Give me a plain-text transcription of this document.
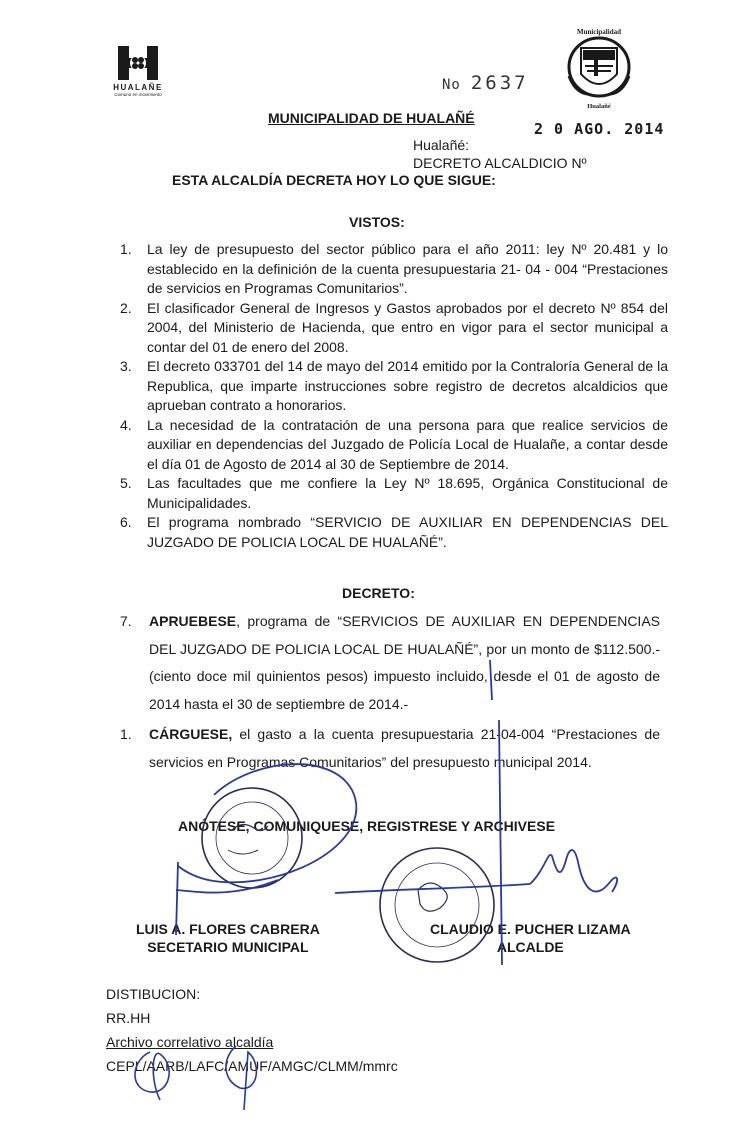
HUALAÑE
Comuna en movimiento
No 2637
Municipalidad
Hualañé
MUNICIPALIDAD DE HUALAÑÉ
2 0 AGO. 2014
Hualañé:
DECRETO ALCALDICIO Nº
ESTA ALCALDÍA DECRETA HOY LO QUE SIGUE:
VISTOS:
1. La ley de presupuesto del sector público para el año 2011: ley Nº 20.481 y lo establecido en la definición de la cuenta presupuestaria 21- 04 - 004 “Prestaciones de servicios en Programas Comunitarios”.
2. El clasificador General de Ingresos y Gastos aprobados por el decreto Nº 854 del 2004, del Ministerio de Hacienda, que entro en vigor para el sector municipal a contar del 01 de enero del 2008.
3. El decreto 033701 del 14 de mayo del 2014 emitido por la Contraloría General de la Republica, que imparte instrucciones sobre registro de decretos alcaldicios que aprueban contrato a honorarios.
4. La necesidad de la contratación de una persona para que realice servicios de auxiliar en dependencias del Juzgado de Policía Local de Hualañe, a contar desde el día 01 de Agosto de 2014 al 30 de Septiembre de 2014.
5. Las facultades que me confiere la Ley Nº 18.695, Orgánica Constitucional de Municipalidades.
6. El programa nombrado “SERVICIO DE AUXILIAR EN DEPENDENCIAS DEL JUZGADO DE POLICIA LOCAL DE HUALAÑÉ”.
DECRETO:
7. APRUEBESE, programa de “SERVICIOS DE AUXILIAR EN DEPENDENCIAS DEL JUZGADO DE POLICIA LOCAL DE HUALAÑÉ”, por un monto de $112.500.- (ciento doce mil quinientos pesos) impuesto incluido, desde el 01 de agosto de 2014 hasta el 30 de septiembre de 2014.-
1. CÁRGUESE, el gasto a la cuenta presupuestaria 21-04-004 “Prestaciones de servicios en Programas Comunitarios” del presupuesto municipal 2014.
ANÓTESE, COMUNIQUESE, REGISTRESE Y ARCHIVESE
LUIS A. FLORES CABRERA
SECETARIO MUNICIPAL
CLAUDIO E. PUCHER LIZAMA
ALCALDE
DISTIBUCION:
RR.HH
Archivo correlativo alcaldía
CEPL/AARB/LAFC/AMUF/AMGC/CLMM/mmrc
